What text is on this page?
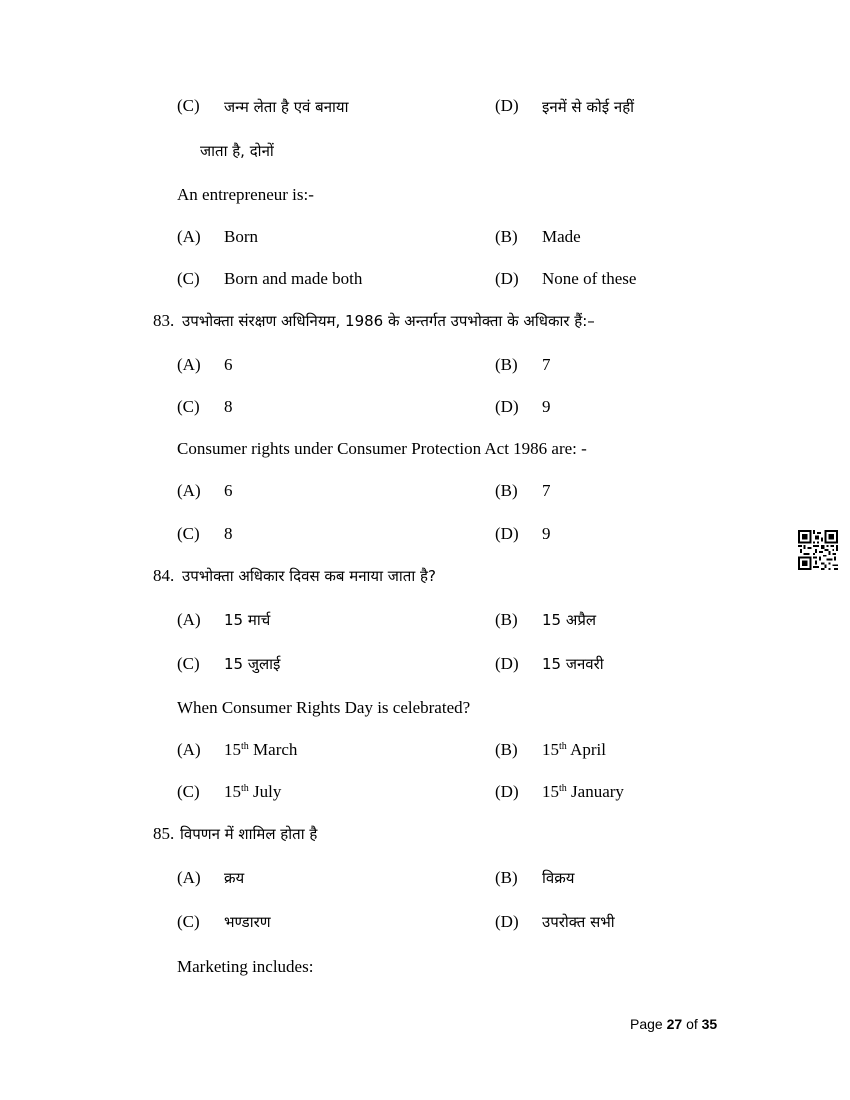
(C) जन्म लेता है एवं बनाया	(D) इनमें से कोई नहीं
जाता है, दोनों
An entrepreneur is:-
(A) Born	(B) Made
(C) Born and made both	(D) None of these
83. उपभोक्ता संरक्षण अधिनियम, 1986 के अन्तर्गत उपभोक्ता के अधिकार हैं:–
(A) 6	(B) 7
(C) 8	(D) 9
Consumer rights under Consumer Protection Act 1986 are: -
(A) 6	(B) 7
(C) 8	(D) 9
84. उपभोक्ता अधिकार दिवस कब मनाया जाता है?
(A) 15 मार्च	(B) 15 अप्रैल
(C) 15 जुलाई	(D) 15 जनवरी
When Consumer Rights Day is celebrated?
(A) 15th March	(B) 15th April
(C) 15th July	(D) 15th January
85. विपणन में शामिल होता है
(A) क्रय	(B) विक्रय
(C) भण्डारण	(D) उपरोक्त सभी
Marketing includes:
Page 27 of 35
